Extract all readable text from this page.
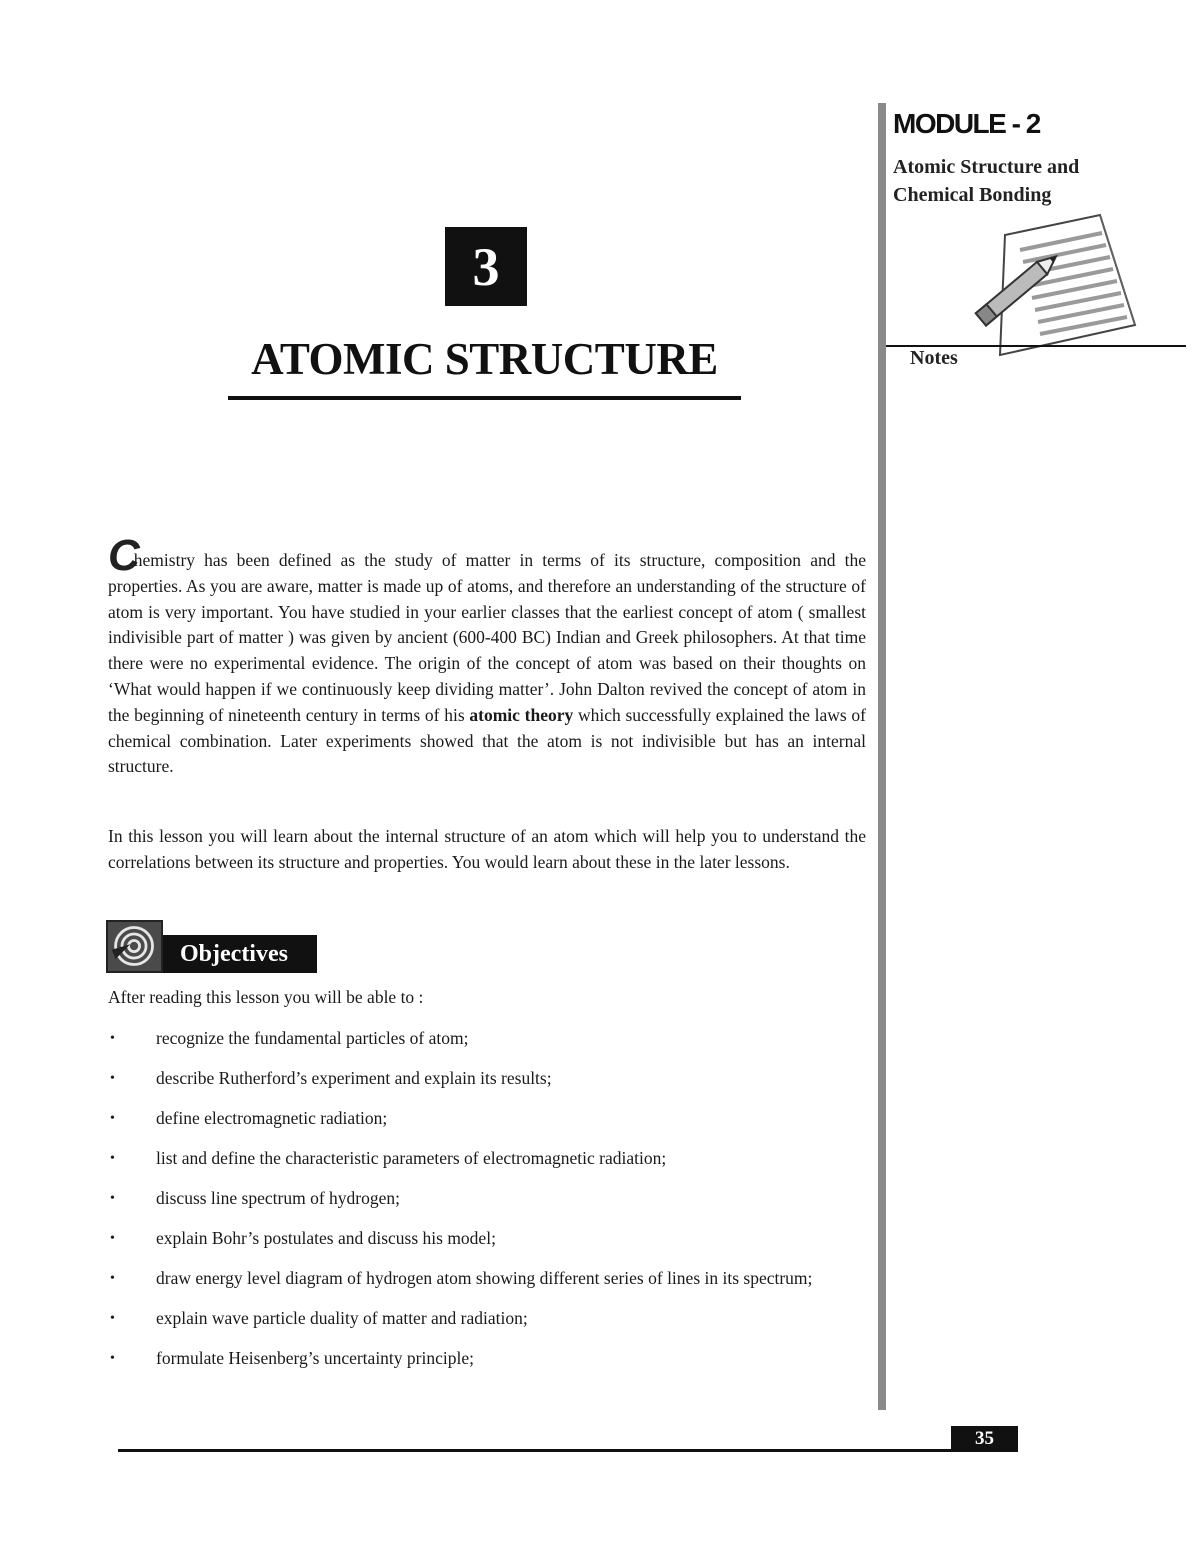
MODULE - 2
Atomic Structure and
Chemical Bonding
Notes
3
ATOMIC STRUCTURE

Chemistry has been defined as the study of matter in terms of its structure, composition and the properties. As you are aware, matter is made up of atoms, and therefore an understanding of the structure of atom is very important. You have studied in your earlier classes that the earliest concept of atom ( smallest indivisible part of matter ) was given by ancient (600-400 BC) Indian and Greek philosophers. At that time there were no experimental evidence. The origin of the concept of atom was based on their thoughts on ‘What would happen if we continuously keep dividing matter’. John Dalton revived the concept of atom in the beginning of nineteenth century in terms of his atomic theory which successfully explained the laws of chemical combination. Later experiments showed that the atom is not indivisible but has an internal structure.

In this lesson you will learn about the internal structure of an atom which will help you to understand the correlations between its structure and properties. You would learn about these in the later lessons.

Objectives
After reading this lesson you will be able to :
• recognize the fundamental particles of atom;
• describe Rutherford’s experiment and explain its results;
• define electromagnetic radiation;
• list and define the characteristic parameters of electromagnetic radiation;
• discuss line spectrum of hydrogen;
• explain Bohr’s postulates and discuss his model;
• draw energy level diagram of hydrogen atom showing different series of lines in its spectrum;
• explain wave particle duality of matter and radiation;
• formulate Heisenberg’s uncertainty principle;
35
